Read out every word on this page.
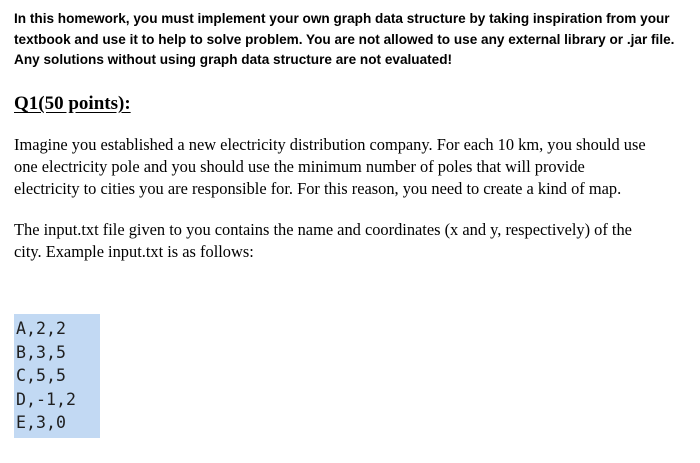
In this homework, you must implement your own graph data structure by taking inspiration from your
textbook and use it to help to solve problem. You are not allowed to use any external library or .jar file.
Any solutions without using graph data structure are not evaluated!
Q1(50 points):
Imagine you established a new electricity distribution company. For each 10 km, you should use
one electricity pole and you should use the minimum number of poles that will provide
electricity to cities you are responsible for. For this reason, you need to create a kind of map.
The input.txt file given to you contains the name and coordinates (x and y, respectively) of the
city. Example input.txt is as follows:
A,2,2
B,3,5
C,5,5
D,-1,2
E,3,0
